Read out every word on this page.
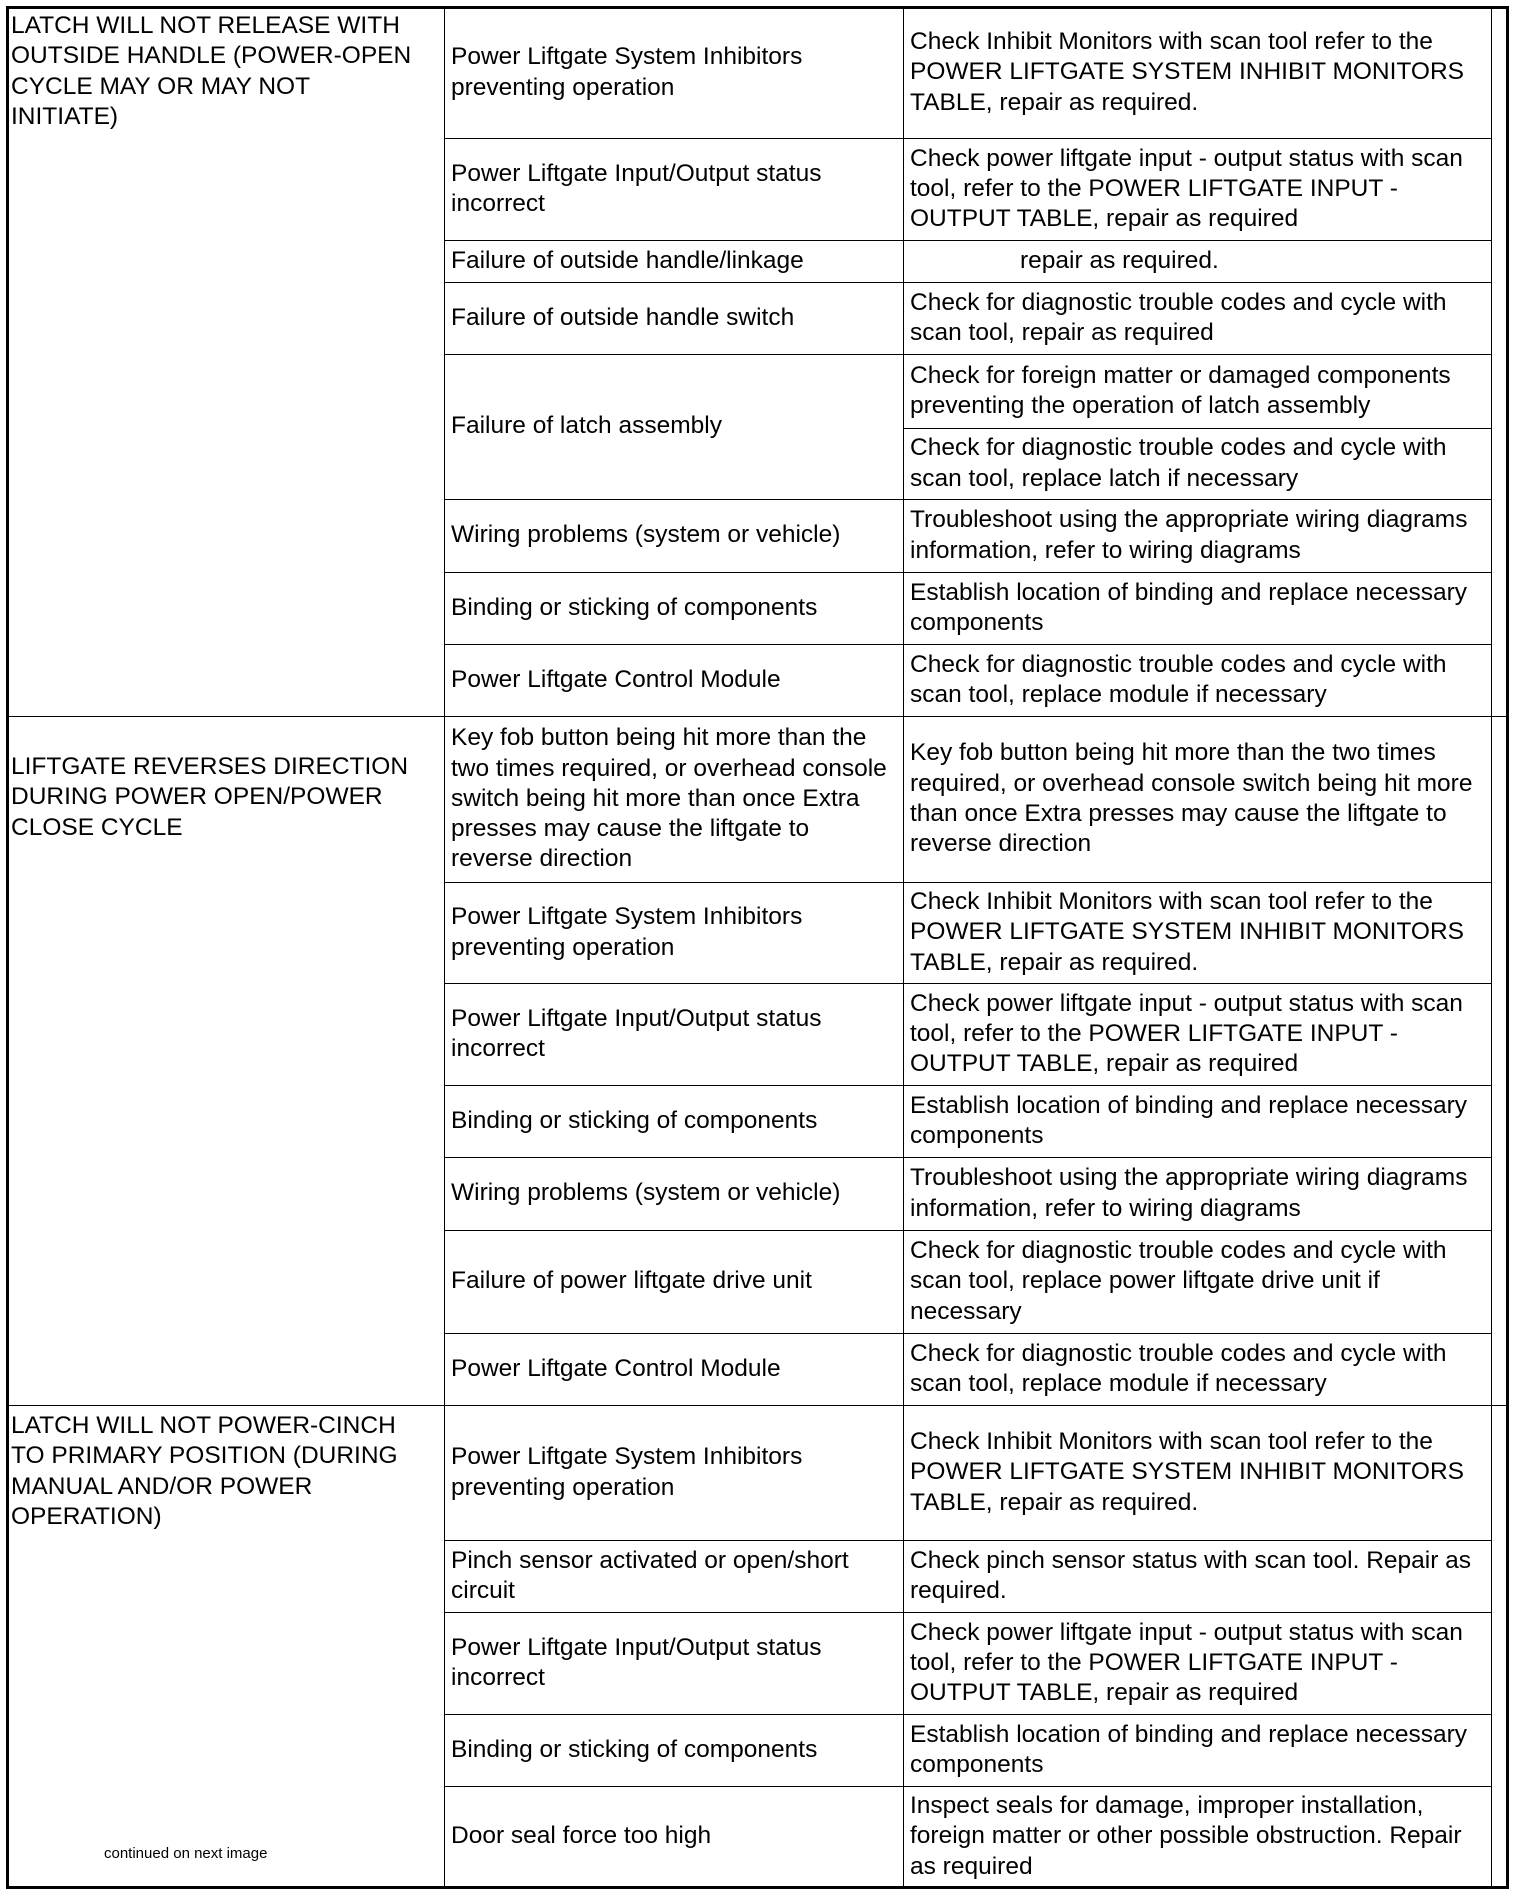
LATCH WILL NOT RELEASE WITH
OUTSIDE HANDLE (POWER-OPEN
CYCLE MAY OR MAY NOT
INITIATE)
Power Liftgate System Inhibitors
preventing operation
Check Inhibit Monitors with scan tool refer to the
POWER LIFTGATE SYSTEM INHIBIT MONITORS
TABLE, repair as required.
Power Liftgate Input/Output status
incorrect
Check power liftgate input - output status with scan
tool, refer to the POWER LIFTGATE INPUT -
OUTPUT TABLE, repair as required
Failure of outside handle/linkage	repair as required.
Failure of outside handle switch
Check for diagnostic trouble codes and cycle with
scan tool, repair as required
Failure of latch assembly
Check for foreign matter or damaged components
preventing the operation of latch assembly
Check for diagnostic trouble codes and cycle with
scan tool, replace latch if necessary
Wiring problems (system or vehicle)
Troubleshoot using the appropriate wiring diagrams
information, refer to wiring diagrams
Binding or sticking of components
Establish location of binding and replace necessary
components
Power Liftgate Control Module
Check for diagnostic trouble codes and cycle with
scan tool, replace module if necessary
LIFTGATE REVERSES DIRECTION
DURING POWER OPEN/POWER
CLOSE CYCLE
Key fob button being hit more than the
two times required, or overhead console
switch being hit more than once Extra
presses may cause the liftgate to
reverse direction
Key fob button being hit more than the two times
required, or overhead console switch being hit more
than once Extra presses may cause the liftgate to
reverse direction
Power Liftgate System Inhibitors
preventing operation
Check Inhibit Monitors with scan tool refer to the
POWER LIFTGATE SYSTEM INHIBIT MONITORS
TABLE, repair as required.
Power Liftgate Input/Output status
incorrect
Check power liftgate input - output status with scan
tool, refer to the POWER LIFTGATE INPUT -
OUTPUT TABLE, repair as required
Binding or sticking of components
Establish location of binding and replace necessary
components
Wiring problems (system or vehicle)
Troubleshoot using the appropriate wiring diagrams
information, refer to wiring diagrams
Failure of power liftgate drive unit
Check for diagnostic trouble codes and cycle with
scan tool, replace power liftgate drive unit if
necessary
Power Liftgate Control Module
Check for diagnostic trouble codes and cycle with
scan tool, replace module if necessary
LATCH WILL NOT POWER-CINCH
TO PRIMARY POSITION (DURING
MANUAL AND/OR POWER
OPERATION)
Power Liftgate System Inhibitors
preventing operation
Check Inhibit Monitors with scan tool refer to the
POWER LIFTGATE SYSTEM INHIBIT MONITORS
TABLE, repair as required.
Pinch sensor activated or open/short
circuit
Check pinch sensor status with scan tool. Repair as
required.
Power Liftgate Input/Output status
incorrect
Check power liftgate input - output status with scan
tool, refer to the POWER LIFTGATE INPUT -
OUTPUT TABLE, repair as required
Binding or sticking of components
Establish location of binding and replace necessary
components
Door seal force too high
Inspect seals for damage, improper installation,
foreign matter or other possible obstruction. Repair
as required
continued on next image
